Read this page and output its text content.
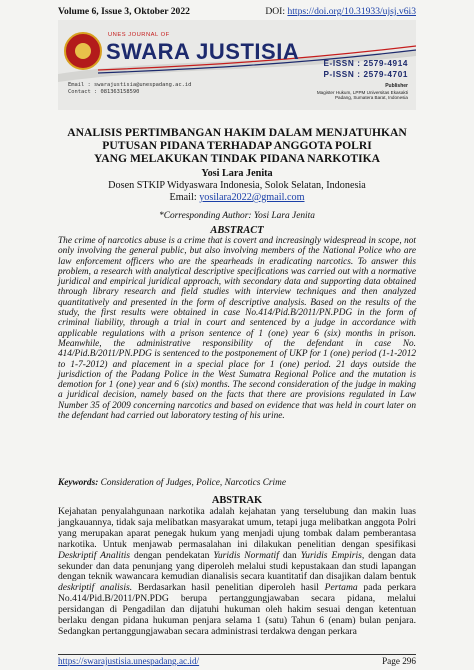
Volume 6, Issue 3, Oktober 2022	DOI: https://doi.org/10.31933/ujsj.v6i3
UNES JOURNAL OF
SWARA JUSTISIA
Email : swarajustisia@unespadang.ac.id
Contact : 081363158590
E-ISSN : 2579-4914
P-ISSN : 2579-4701
Publisher
Magister Hukum, LPPM Universitas Ekasakti
Padang, Sumatera Barat, Indonesia
ANALISIS PERTIMBANGAN HAKIM DALAM MENJATUHKAN
PUTUSAN PIDANA TERHADAP ANGGOTA POLRI
YANG MELAKUKAN TINDAK PIDANA NARKOTIKA
Yosi Lara Jenita
Dosen STKIP Widyaswara Indonesia, Solok Selatan, Indonesia
Email: yosilara2022@gmail.com
*Corresponding Author: Yosi Lara Jenita
ABSTRACT
The crime of narcotics abuse is a crime that is covert and increasingly widespread in scope, not only involving the general public, but also involving members of the National Police who are law enforcement officers who are the spearheads in eradicating narcotics. To answer this problem, a research with analytical descriptive specifications was carried out with a normative juridical and empirical juridical approach, with secondary data and supporting data obtained through library research and field studies with interview techniques and then analyzed quantitatively and presented in the form of descriptive analysis. Based on the results of the study, the first results were obtained in case No.414/Pid.B/2011/PN.PDG in the form of criminal liability, through a trial in court and sentenced by a judge in accordance with applicable regulations with a prison sentence of 1 (one) year 6 (six) months in prison. Meanwhile, the administrative responsibility of the defendant in case No. 414/Pid.B/2011/PN.PDG is sentenced to the postponement of UKP for 1 (one) period (1-1-2012 to 1-7-2012) and placement in a special place for 1 (one) period. 21 days outside the jurisdiction of the Padang Police in the West Sumatra Regional Police and the mutation is demotion for 1 (one) year and 6 (six) months. The second consideration of the judge in making a juridical decision, namely based on the facts that there are provisions regulated in Law Number 35 of 2009 concerning narcotics and based on evidence that was held in court later on the defendant had carried out laboratory testing of his urine.
Keywords: Consideration of Judges, Police, Narcotics Crime
ABSTRAK
Kejahatan penyalahgunaan narkotika adalah kejahatan yang terselubung dan makin luas jangkauannya, tidak saja melibatkan masyarakat umum, tetapi juga melibatkan anggota Polri yang merupakan aparat penegak hukum yang menjadi ujung tombak dalam pemberantasa narkotika. Untuk menjawab permasalahan ini dilakukan penelitian dengan spesifikasi Deskriptif Analitis dengan pendekatan Yuridis Normatif dan Yuridis Empiris, dengan data sekunder dan data penunjang yang diperoleh melalui studi kepustakaan dan studi lapangan dengan teknik wawancara kemudian dianalisis secara kuantitatif dan disajikan dalam bentuk deskriptif analisis. Berdasarkan hasil penelitian diperoleh hasil Pertama pada perkara No.414/Pid.B/2011/PN.PDG berupa pertanggungjawaban secara pidana, melalui persidangan di Pengadilan dan dijatuhi hukuman oleh hakim sesuai dengan ketentuan berlaku dengan pidana hukuman penjara selama 1 (satu) Tahun 6 (enam) bulan penjara. Sedangkan pertanggungjawaban secara administrasi terdakwa dengan perkara
https://swarajustisia.unespadang.ac.id/	Page 296
